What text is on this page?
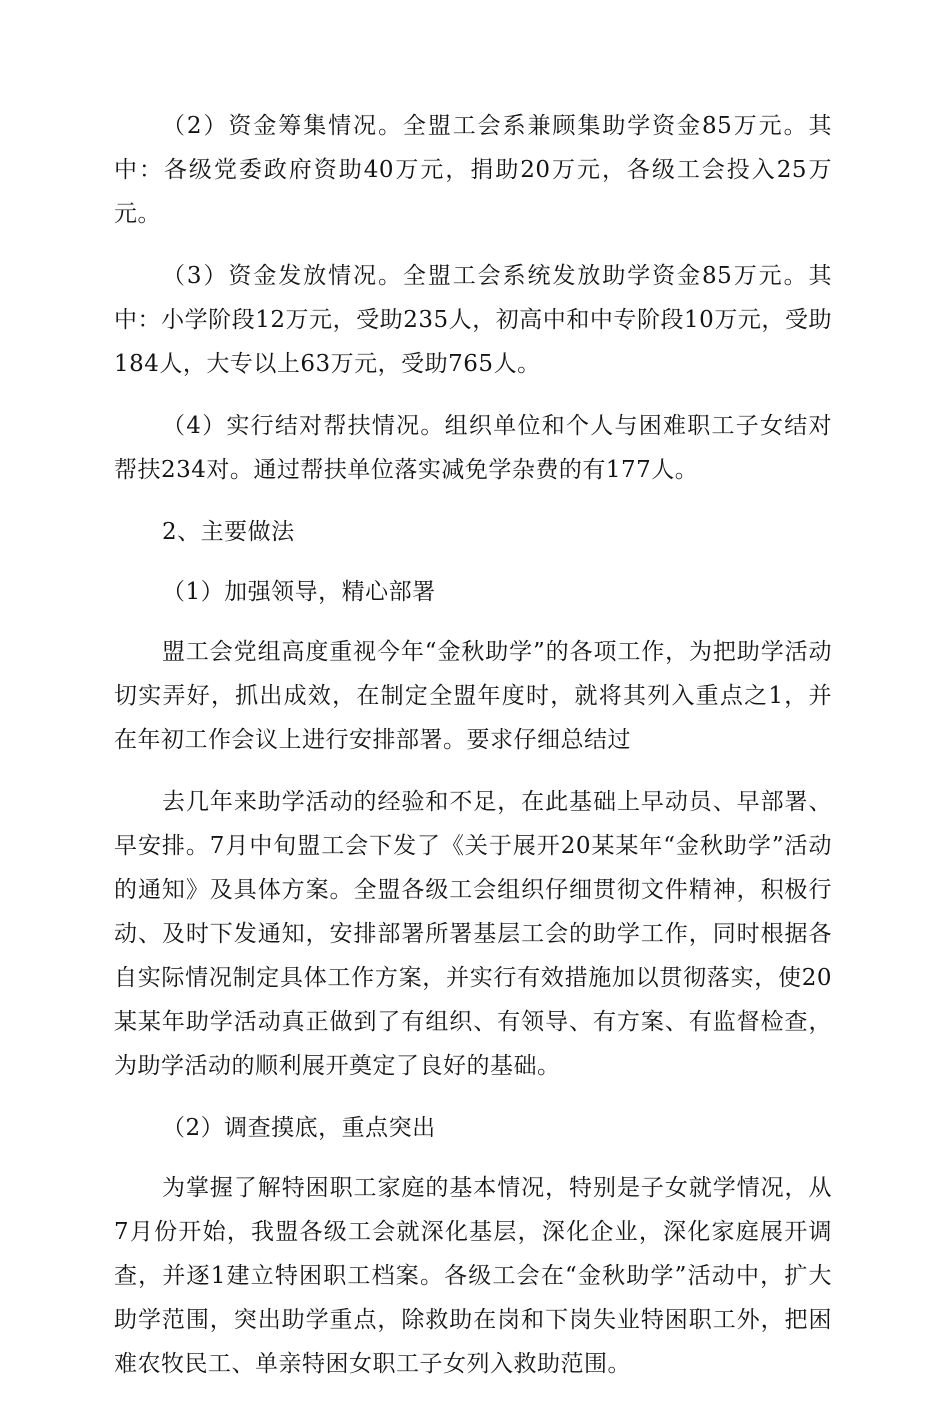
（2）资金筹集情况。全盟工会系兼顾集助学资金85万元。其中：各级党委政府资助40万元，捐助20万元，各级工会投入25万元。

（3）资金发放情况。全盟工会系统发放助学资金85万元。其中：小学阶段12万元，受助235人，初高中和中专阶段10万元，受助184人，大专以上63万元，受助765人。

（4）实行结对帮扶情况。组织单位和个人与困难职工子女结对帮扶234对。通过帮扶单位落实减免学杂费的有177人。

2、主要做法

（1）加强领导，精心部署

盟工会党组高度重视今年“金秋助学”的各项工作，为把助学活动切实弄好，抓出成效，在制定全盟年度时，就将其列入重点之1，并在年初工作会议上进行安排部署。要求仔细总结过

去几年来助学活动的经验和不足，在此基础上早动员、早部署、早安排。7月中旬盟工会下发了《关于展开20某某年“金秋助学”活动的通知》及具体方案。全盟各级工会组织仔细贯彻文件精神，积极行动、及时下发通知，安排部署所署基层工会的助学工作，同时根据各自实际情况制定具体工作方案，并实行有效措施加以贯彻落实，使20某某年助学活动真正做到了有组织、有领导、有方案、有监督检查，为助学活动的顺利展开奠定了良好的基础。

（2）调查摸底，重点突出

为掌握了解特困职工家庭的基本情况，特别是子女就学情况，从7月份开始，我盟各级工会就深化基层，深化企业，深化家庭展开调查，并逐1建立特困职工档案。各级工会在“金秋助学”活动中，扩大助学范围，突出助学重点，除救助在岗和下岗失业特困职工外，把困难农牧民工、单亲特困女职工子女列入救助范围。
